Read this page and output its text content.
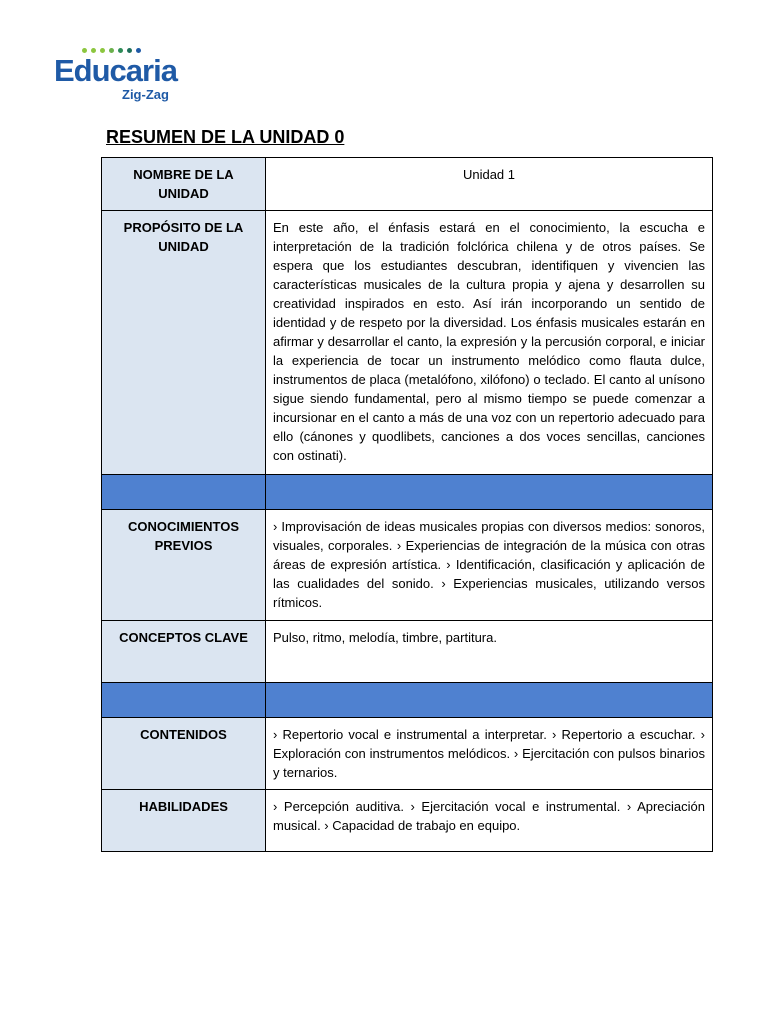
Educaria
Zig-Zag
RESUMEN DE LA UNIDAD 0
NOMBRE DE LA UNIDAD	Unidad 1
PROPÓSITO DE LA UNIDAD	En este año, el énfasis estará en el conocimiento, la escucha e interpretación de la tradición folclórica chilena y de otros países. Se espera que los estudiantes descubran, identifiquen y vivencien las características musicales de la cultura propia y ajena y desarrollen su creatividad inspirados en esto. Así irán incorporando un sentido de identidad y de respeto por la diversidad. Los énfasis musicales estarán en afirmar y desarrollar el canto, la expresión y la percusión corporal, e iniciar la experiencia de tocar un instrumento melódico como flauta dulce, instrumentos de placa (metalófono, xilófono) o teclado. El canto al unísono sigue siendo fundamental, pero al mismo tiempo se puede comenzar a incursionar en el canto a más de una voz con un repertorio adecuado para ello (cánones y quodlibets, canciones a dos voces sencillas, canciones con ostinati).

CONOCIMIENTOS PREVIOS	› Improvisación de ideas musicales propias con diversos medios: sonoros, visuales, corporales. › Experiencias de integración de la música con otras áreas de expresión artística. › Identificación, clasificación y aplicación de las cualidades del sonido. › Experiencias musicales, utilizando versos rítmicos.
CONCEPTOS CLAVE	Pulso, ritmo, melodía, timbre, partitura.

CONTENIDOS	› Repertorio vocal e instrumental a interpretar. › Repertorio a escuchar. › Exploración con instrumentos melódicos. › Ejercitación con pulsos binarios y ternarios.
HABILIDADES	› Percepción auditiva. › Ejercitación vocal e instrumental. › Apreciación musical. › Capacidad de trabajo en equipo.
